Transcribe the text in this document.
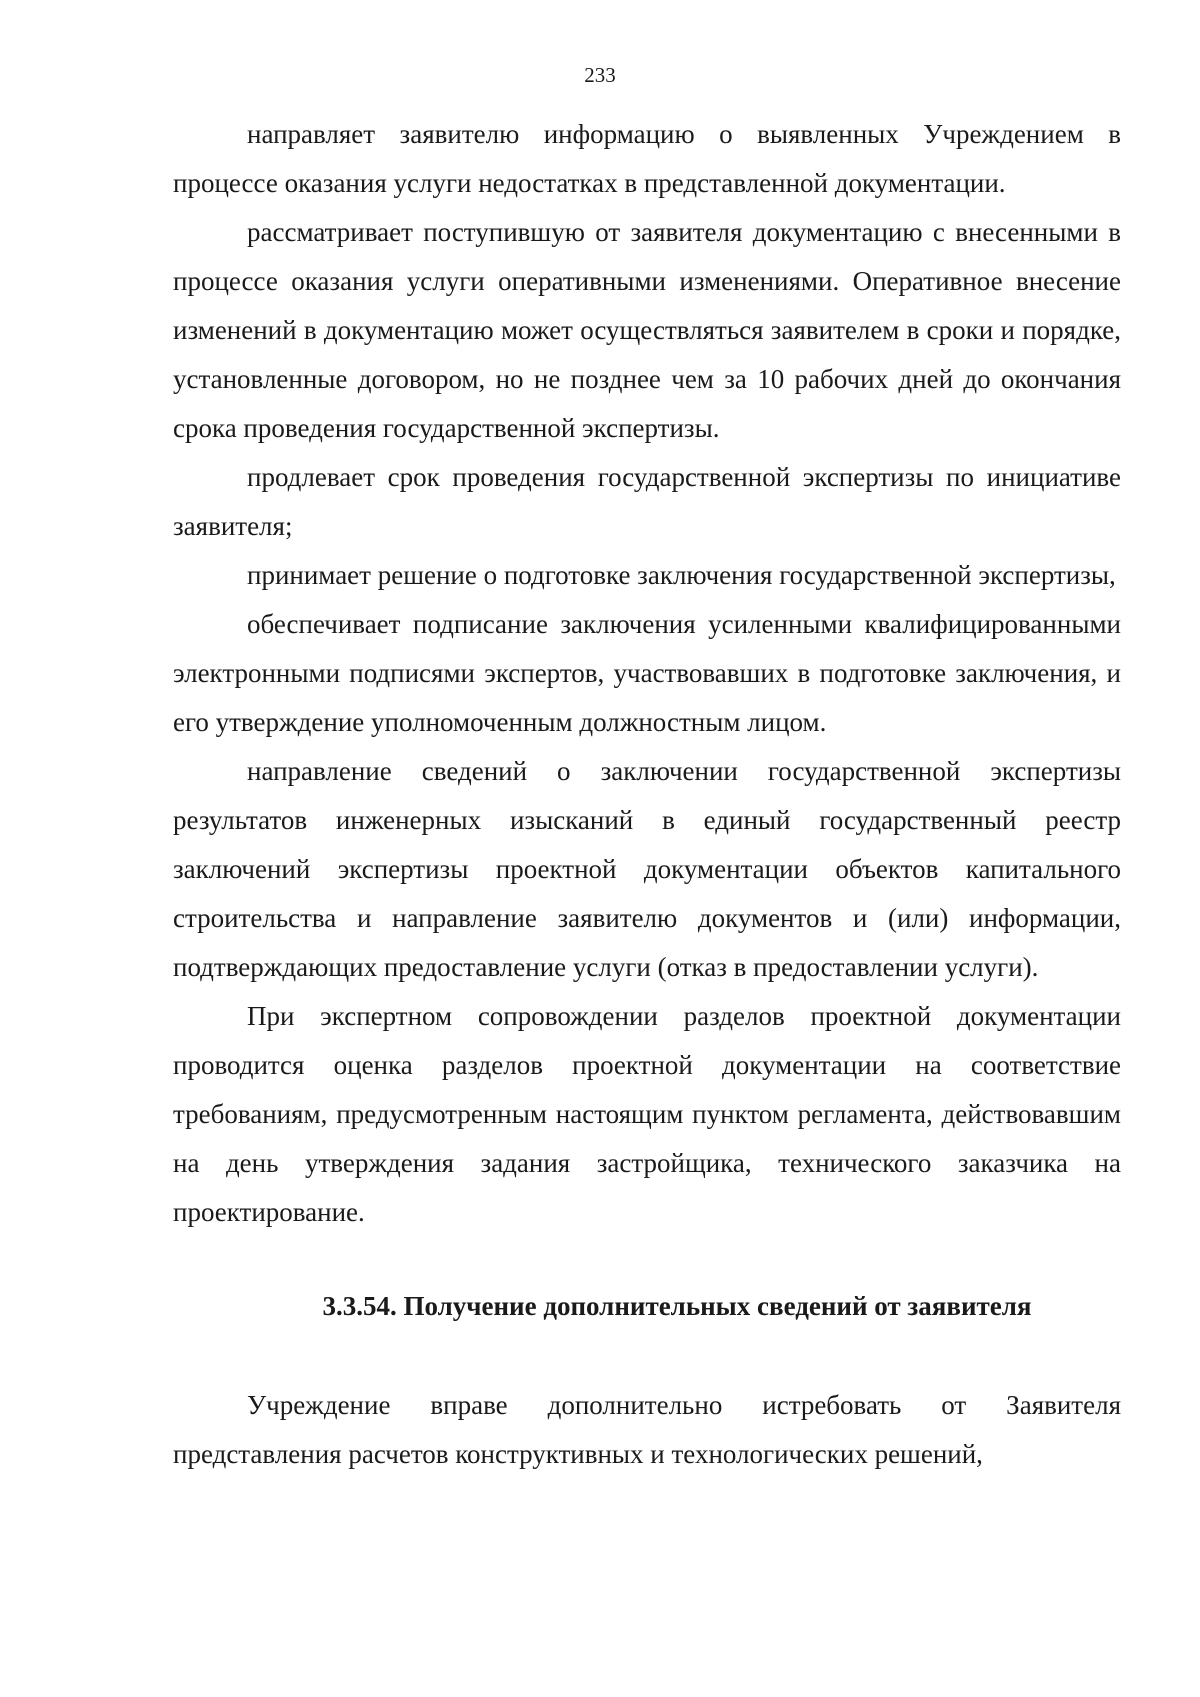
233

направляет заявителю информацию о выявленных Учреждением в процессе оказания услуги недостатках в представленной документации.

рассматривает поступившую от заявителя документацию с внесенными в процессе оказания услуги оперативными изменениями. Оперативное внесение изменений в документацию может осуществляться заявителем в сроки и порядке, установленные договором, но не позднее чем за 10 рабочих дней до окончания срока проведения государственной экспертизы.

продлевает срок проведения государственной экспертизы по инициативе заявителя;

принимает решение о подготовке заключения государственной экспертизы,

обеспечивает подписание заключения усиленными квалифицированными электронными подписями экспертов, участвовавших в подготовке заключения, и его утверждение уполномоченным должностным лицом.

направление сведений о заключении государственной экспертизы результатов инженерных изысканий в единый государственный реестр заключений экспертизы проектной документации объектов капитального строительства и направление заявителю документов и (или) информации, подтверждающих предоставление услуги (отказ в предоставлении услуги).

При экспертном сопровождении разделов проектной документации проводится оценка разделов проектной документации на соответствие требованиям, предусмотренным настоящим пунктом регламента, действовавшим на день утверждения задания застройщика, технического заказчика на проектирование.

3.3.54. Получение дополнительных сведений от заявителя

Учреждение вправе дополнительно истребовать от Заявителя представления расчетов конструктивных и технологических решений,
